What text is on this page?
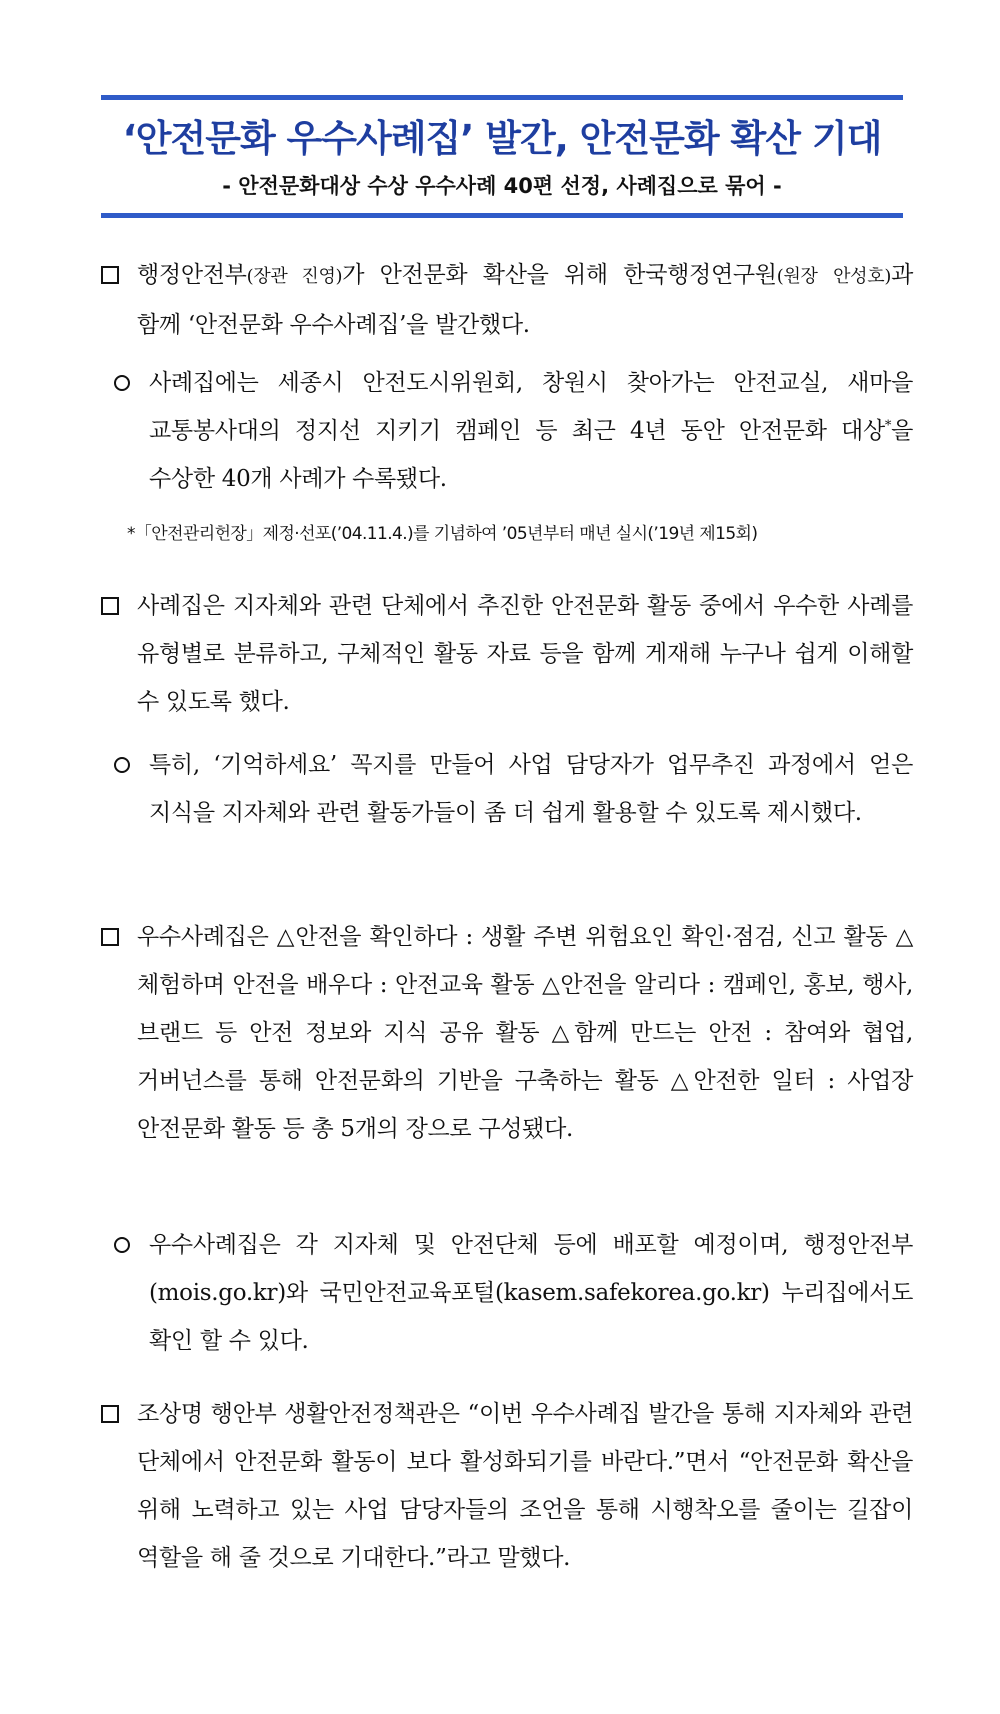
‘안전문화 우수사례집’ 발간, 안전문화 확산 기대
- 안전문화대상 수상 우수사례 40편 선정, 사례집으로 묶어 -
행정안전부(장관 진영)가 안전문화 확산을 위해 한국행정연구원(원장 안성호)과 함께 ‘안전문화 우수사례집’을 발간했다.
사례집에는 세종시 안전도시위원회, 창원시 찾아가는 안전교실, 새마을 교통봉사대의 정지선 지키기 캠페인 등 최근 4년 동안 안전문화 대상*을 수상한 40개 사례가 수록됐다.
*「안전관리헌장」제정·선포(’04.11.4.)를 기념하여 ’05년부터 매년 실시(’19년 제15회)
사례집은 지자체와 관련 단체에서 추진한 안전문화 활동 중에서 우수한 사례를 유형별로 분류하고, 구체적인 활동 자료 등을 함께 게재해 누구나 쉽게 이해할 수 있도록 했다.
특히, ‘기억하세요’ 꼭지를 만들어 사업 담당자가 업무추진 과정에서 얻은 지식을 지자체와 관련 활동가들이 좀 더 쉽게 활용할 수 있도록 제시했다.
우수사례집은 △안전을 확인하다 : 생활 주변 위험요인 확인·점검, 신고 활동 △체험하며 안전을 배우다 : 안전교육 활동 △안전을 알리다 : 캠페인, 홍보, 행사, 브랜드 등 안전 정보와 지식 공유 활동 △함께 만드는 안전 : 참여와 협업, 거버넌스를 통해 안전문화의 기반을 구축하는 활동 △안전한 일터 : 사업장 안전문화 활동 등 총 5개의 장으로 구성됐다.
우수사례집은 각 지자체 및 안전단체 등에 배포할 예정이며, 행정안전부(mois.go.kr)와 국민안전교육포털(kasem.safekorea.go.kr) 누리집에서도 확인 할 수 있다.
조상명 행안부 생활안전정책관은 “이번 우수사례집 발간을 통해 지자체와 관련 단체에서 안전문화 활동이 보다 활성화되기를 바란다.”면서 “안전문화 확산을 위해 노력하고 있는 사업 담당자들의 조언을 통해 시행착오를 줄이는 길잡이 역할을 해 줄 것으로 기대한다.”라고 말했다.
